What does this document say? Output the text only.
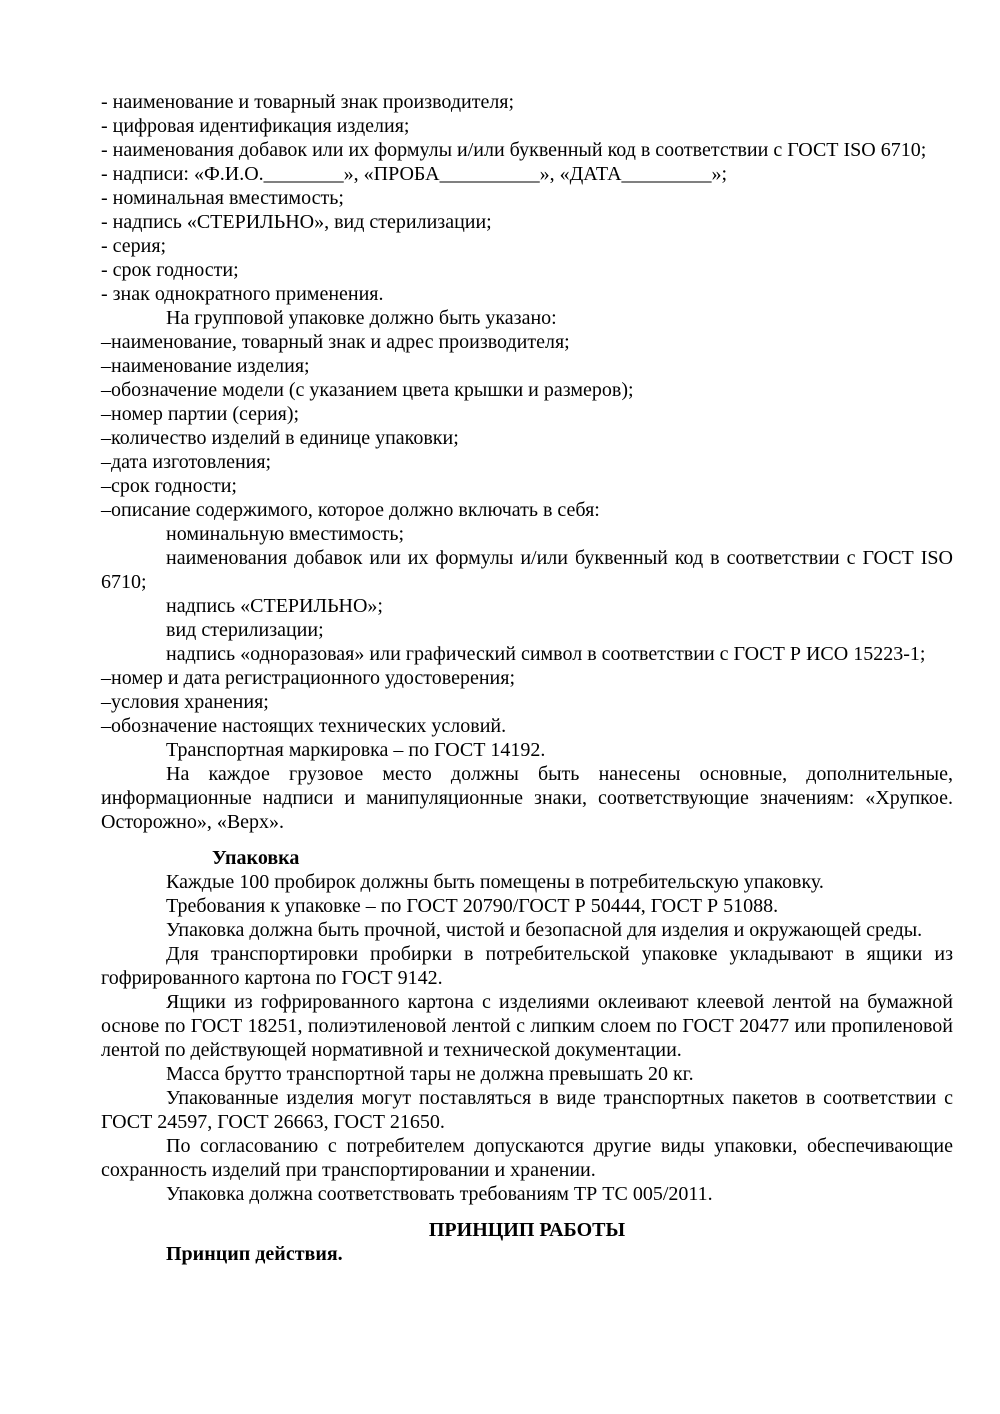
- наименование и товарный знак производителя;

- цифровая идентификация изделия;

- наименования добавок или их формулы и/или буквенный код в соответствии с ГОСТ ISO 6710;

- надписи: «Ф.И.О.________», «ПРОБА__________», «ДАТА_________»;

- номинальная вместимость;

- надпись «СТЕРИЛЬНО», вид стерилизации;

- серия;

- срок годности;

- знак однократного применения.

На групповой упаковке должно быть указано:

–наименование, товарный знак и адрес производителя;

–наименование изделия;

–обозначение модели (с указанием цвета крышки и размеров);

–номер партии (серия);

–количество изделий в единице упаковки;

–дата изготовления;

–срок годности;

–описание содержимого, которое должно включать в себя:

номинальную вместимость;

наименования добавок или их формулы и/или буквенный код в соответствии с ГОСТ ISO 6710;

надпись «СТЕРИЛЬНО»;

вид стерилизации;

надпись «одноразовая» или графический символ в соответствии с ГОСТ Р ИСО 15223-1;

–номер и дата регистрационного удостоверения;

–условия хранения;

–обозначение настоящих технических условий.

Транспортная маркировка – по ГОСТ 14192.

На каждое грузовое место должны быть нанесены основные, дополнительные, информационные надписи и манипуляционные знаки, соответствующие значениям: «Хрупкое. Осторожно», «Верх».

Упаковка

Каждые 100 пробирок должны быть помещены в потребительскую упаковку.

Требования к упаковке – по ГОСТ 20790/ГОСТ Р 50444, ГОСТ Р 51088.

Упаковка должна быть прочной, чистой и безопасной для изделия и окружающей среды.

Для транспортировки пробирки в потребительской упаковке укладывают в ящики из гофрированного картона по ГОСТ 9142.

Ящики из гофрированного картона с изделиями оклеивают клеевой лентой на бумажной основе по ГОСТ 18251, полиэтиленовой лентой с липким слоем по ГОСТ 20477 или пропиленовой лентой по действующей нормативной и технической документации.

Масса брутто транспортной тары не должна превышать 20 кг.

Упакованные изделия могут поставляться в виде транспортных пакетов в соответствии с ГОСТ 24597, ГОСТ 26663, ГОСТ 21650.

По согласованию с потребителем допускаются другие виды упаковки, обеспечивающие сохранность изделий при транспортировании и хранении.

Упаковка должна соответствовать требованиям ТР ТС 005/2011.

ПРИНЦИП РАБОТЫ

Принцип действия.
